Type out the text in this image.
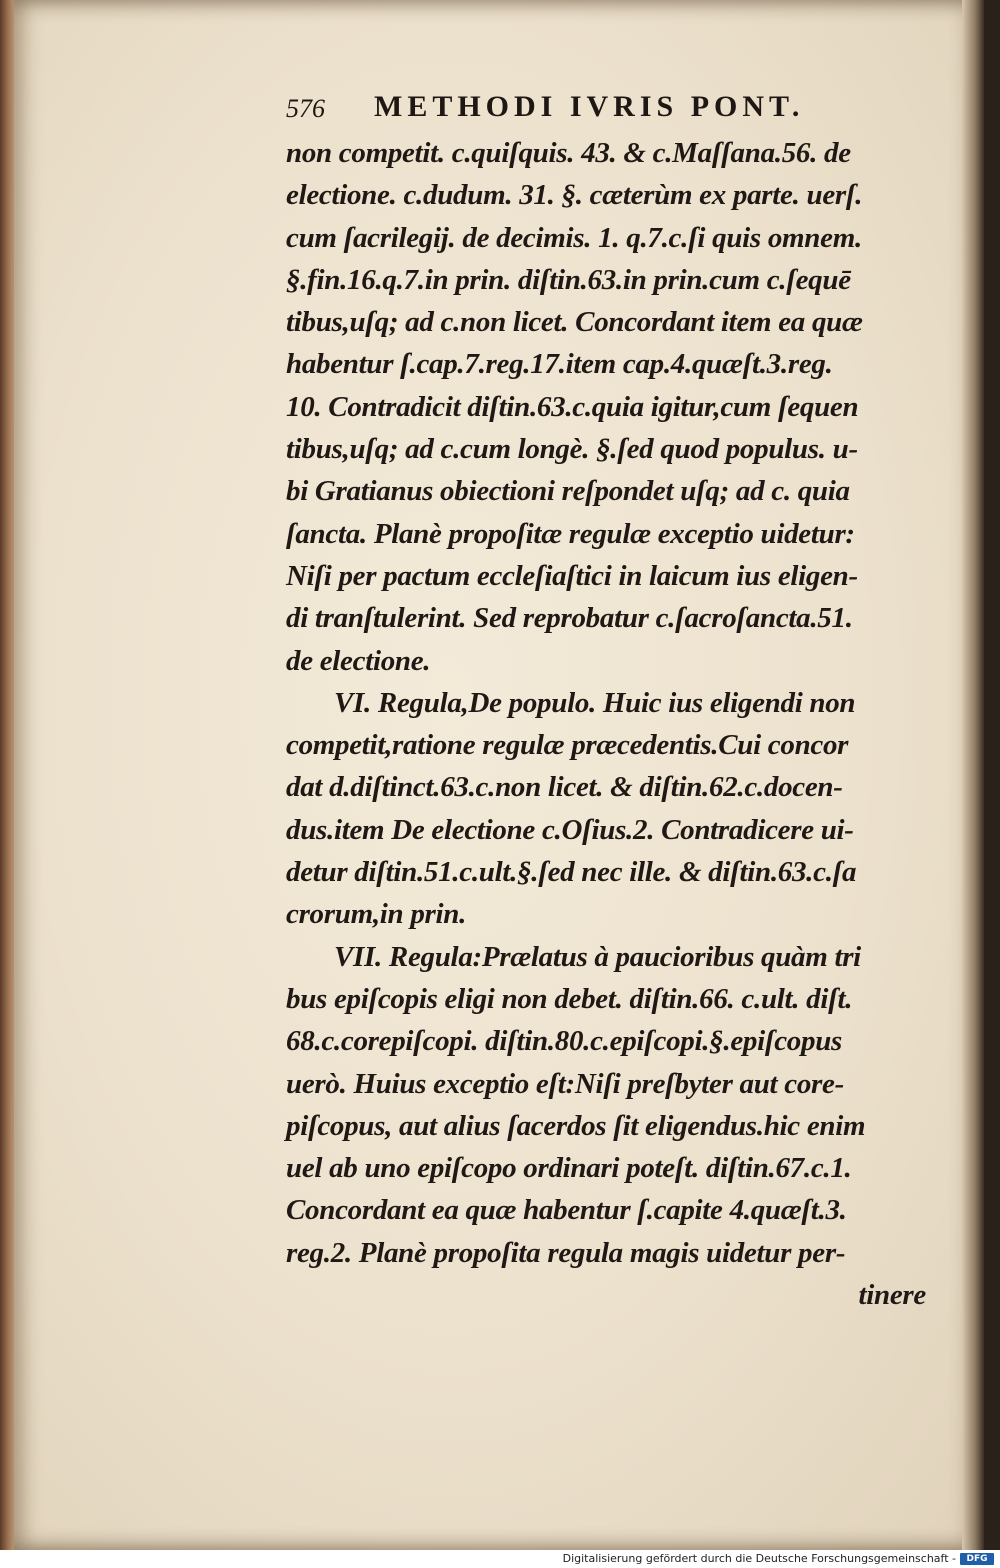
576 METHODI IVRIS PONT.
non competit. c.quiſquis. 43. & c.Maſſana.56. de
electione. c.dudum. 31. §. cæterùm ex parte. uerſ.
cum ſacrilegij. de decimis. 1. q.7.c.ſi quis omnem.
§.fin.16.q.7.in prin. diſtin.63.in prin.cum c.ſequē
tibus,uſq; ad c.non licet. Concordant item ea quæ
habentur ſ.cap.7.reg.17.item cap.4.quæſt.3.reg.
10. Contradicit diſtin.63.c.quia igitur,cum ſequen
tibus,uſq; ad c.cum longè. §.ſed quod populus. u-
bi Gratianus obiectioni reſpondet uſq; ad c. quia
ſancta. Planè propoſitæ regulæ exceptio uidetur:
Niſi per pactum eccleſiaſtici in laicum ius eligen-
di tranſtulerint. Sed reprobatur c.ſacroſancta.51.
de electione.
VI. Regula,De populo. Huic ius eligendi non
competit,ratione regulæ præcedentis.Cui concor
dat d.diſtinct.63.c.non licet. & diſtin.62.c.docen-
dus.item De electione c.Oſius.2. Contradicere ui-
detur diſtin.51.c.ult.§.ſed nec ille. & diſtin.63.c.ſa
crorum,in prin.
VII. Regula:Prælatus à paucioribus quàm tri
bus epiſcopis eligi non debet. diſtin.66. c.ult. diſt.
68.c.corepiſcopi. diſtin.80.c.epiſcopi.§.epiſcopus
uerò. Huius exceptio eſt:Niſi preſbyter aut core-
piſcopus, aut alius ſacerdos ſit eligendus.hic enim
uel ab uno epiſcopo ordinari poteſt. diſtin.67.c.1.
Concordant ea quæ habentur ſ.capite 4.quæſt.3.
reg.2. Planè propoſita regula magis uidetur per-
tinere
Digitalisierung gefördert durch die Deutsche Forschungsgemeinschaft -	DFG
